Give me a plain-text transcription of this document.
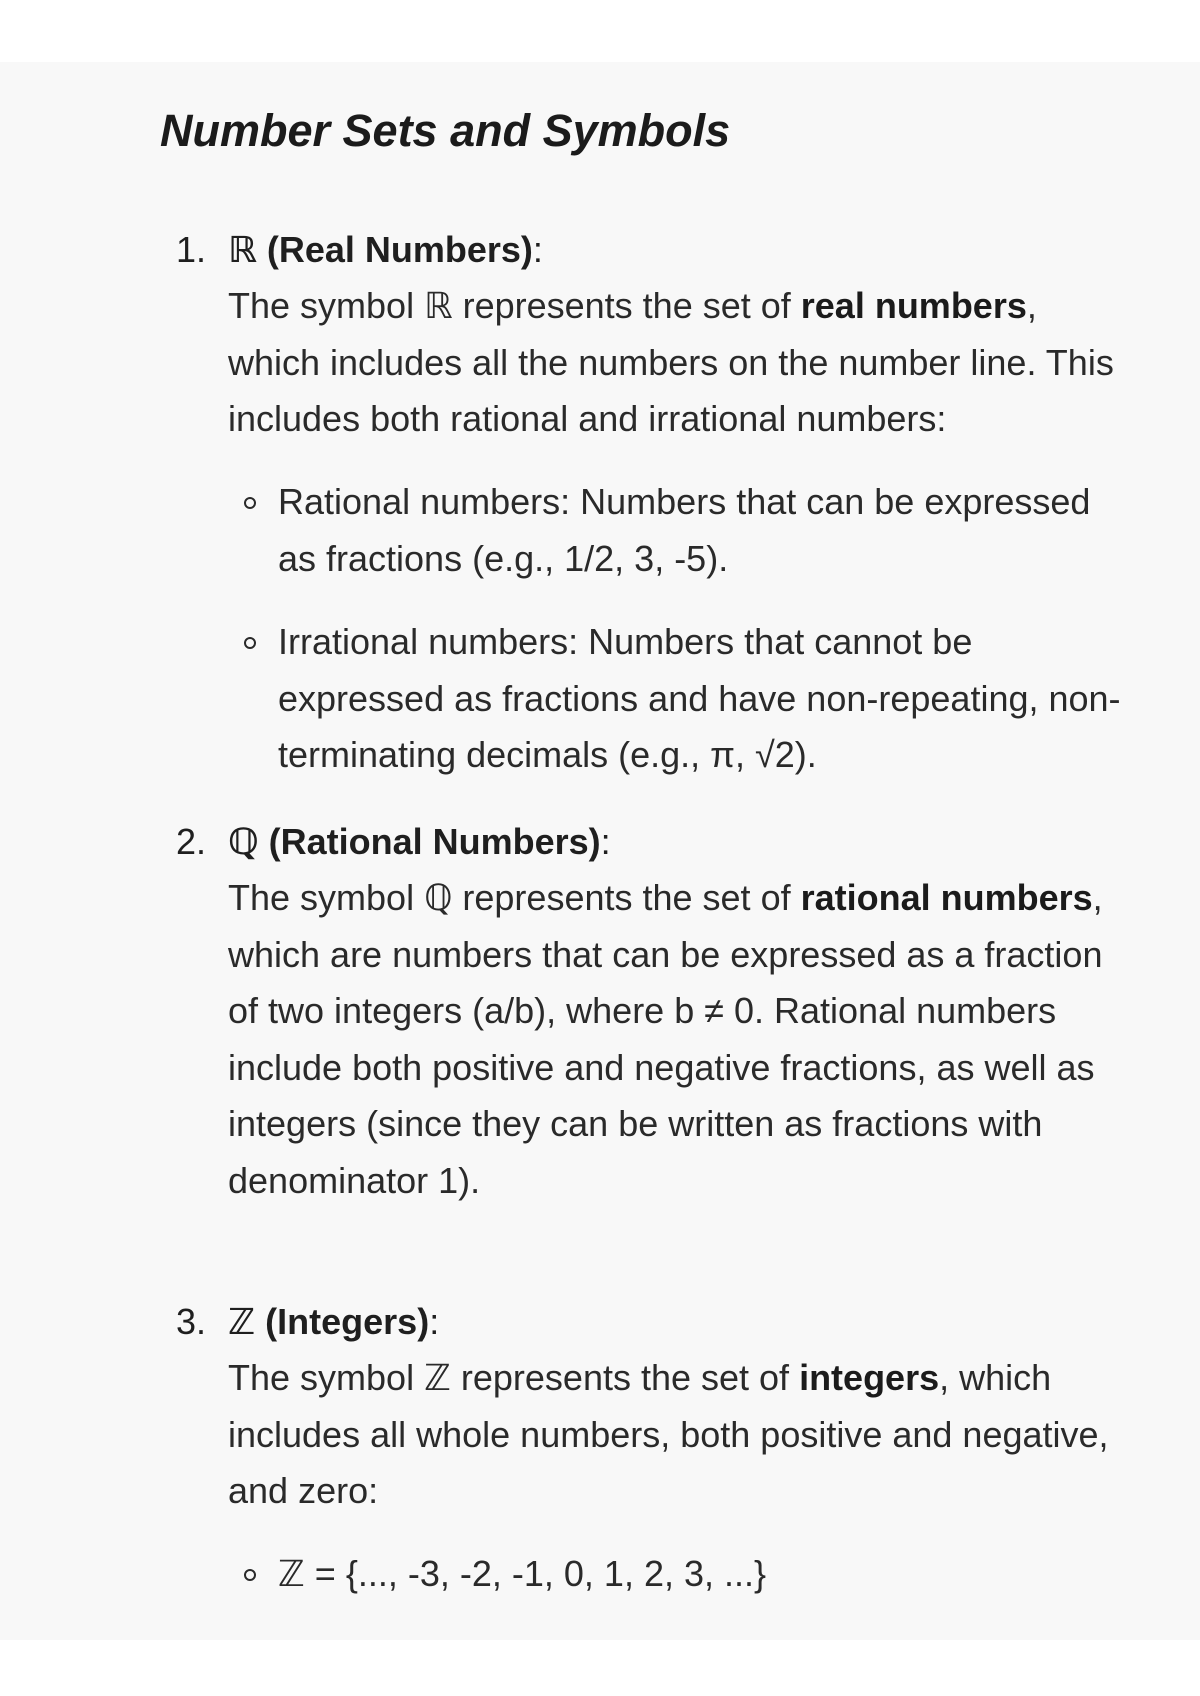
Number Sets and Symbols
1. ℝ (Real Numbers):

The symbol ℝ represents the set of real numbers, which includes all the numbers on the number line. This includes both rational and irrational numbers:

Rational numbers: Numbers that can be expressed as fractions (e.g., 1/2, 3, -5).

Irrational numbers: Numbers that cannot be expressed as fractions and have non-repeating, non-terminating decimals (e.g., π, √2).

2. ℚ (Rational Numbers):

The symbol ℚ represents the set of rational numbers, which are numbers that can be expressed as a fraction of two integers (a/b), where b ≠ 0. Rational numbers include both positive and negative fractions, as well as integers (since they can be written as fractions with denominator 1).

3. ℤ (Integers):

The symbol ℤ represents the set of integers, which includes all whole numbers, both positive and negative, and zero:

ℤ = {..., -3, -2, -1, 0, 1, 2, 3, ...}
